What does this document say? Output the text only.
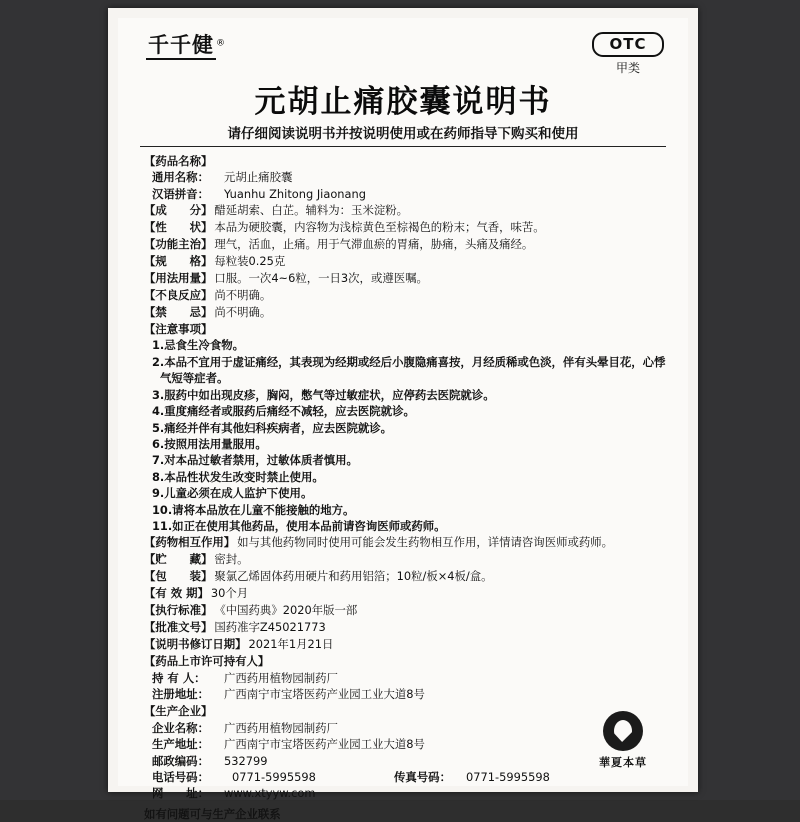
千千健 ®	OTC
甲类
元胡止痛胶囊说明书
请仔细阅读说明书并按说明使用或在药师指导下购买和使用
【药品名称】
通用名称：	元胡止痛胶囊
汉语拼音：	Yuanhu Zhitong Jiaonang
【成　　分】 醋延胡索、白芷。辅料为：玉米淀粉。
【性　　状】 本品为硬胶囊，内容物为浅棕黄色至棕褐色的粉末；气香，味苦。
【功能主治】 理气，活血，止痛。用于气滞血瘀的胃痛，胁痛，头痛及痛经。
【规　　格】 每粒装0.25克
【用法用量】 口服。一次4~6粒，一日3次，或遵医嘱。
【不良反应】 尚不明确。
【禁　　忌】 尚不明确。
【注意事项】
1.忌食生冷食物。
2.本品不宜用于虚证痛经，其表现为经期或经后小腹隐痛喜按，月经质稀或色淡，伴有头晕目花，心悸气短等症者。
3.服药中如出现皮疹，胸闷，憋气等过敏症状，应停药去医院就诊。
4.重度痛经者或服药后痛经不减轻，应去医院就诊。
5.痛经并伴有其他妇科疾病者，应去医院就诊。
6.按照用法用量服用。
7.对本品过敏者禁用，过敏体质者慎用。
8.本品性状发生改变时禁止使用。
9.儿童必须在成人监护下使用。
10.请将本品放在儿童不能接触的地方。
11.如正在使用其他药品，使用本品前请咨询医师或药师。
【药物相互作用】 如与其他药物同时使用可能会发生药物相互作用，详情请咨询医师或药师。
【贮　　藏】 密封。
【包　　装】 聚氯乙烯固体药用硬片和药用铝箔；10粒/板×4板/盒。
【有 效 期】 30个月
【执行标准】 《中国药典》2020年版一部
【批准文号】 国药准字Z45021773
【说明书修订日期】 2021年1月21日
【药品上市许可持有人】
持 有 人：	广西药用植物园制药厂
注册地址：	广西南宁市宝塔医药产业园工业大道8号
【生产企业】
企业名称：	广西药用植物园制药厂
生产地址：	广西南宁市宝塔医药产业园工业大道8号
邮政编码：	532799
电话号码：	0771-5995598	传真号码：	0771-5995598
网　　址：	www.xtyyw.com
如有问题可与生产企业联系
華夏本草
